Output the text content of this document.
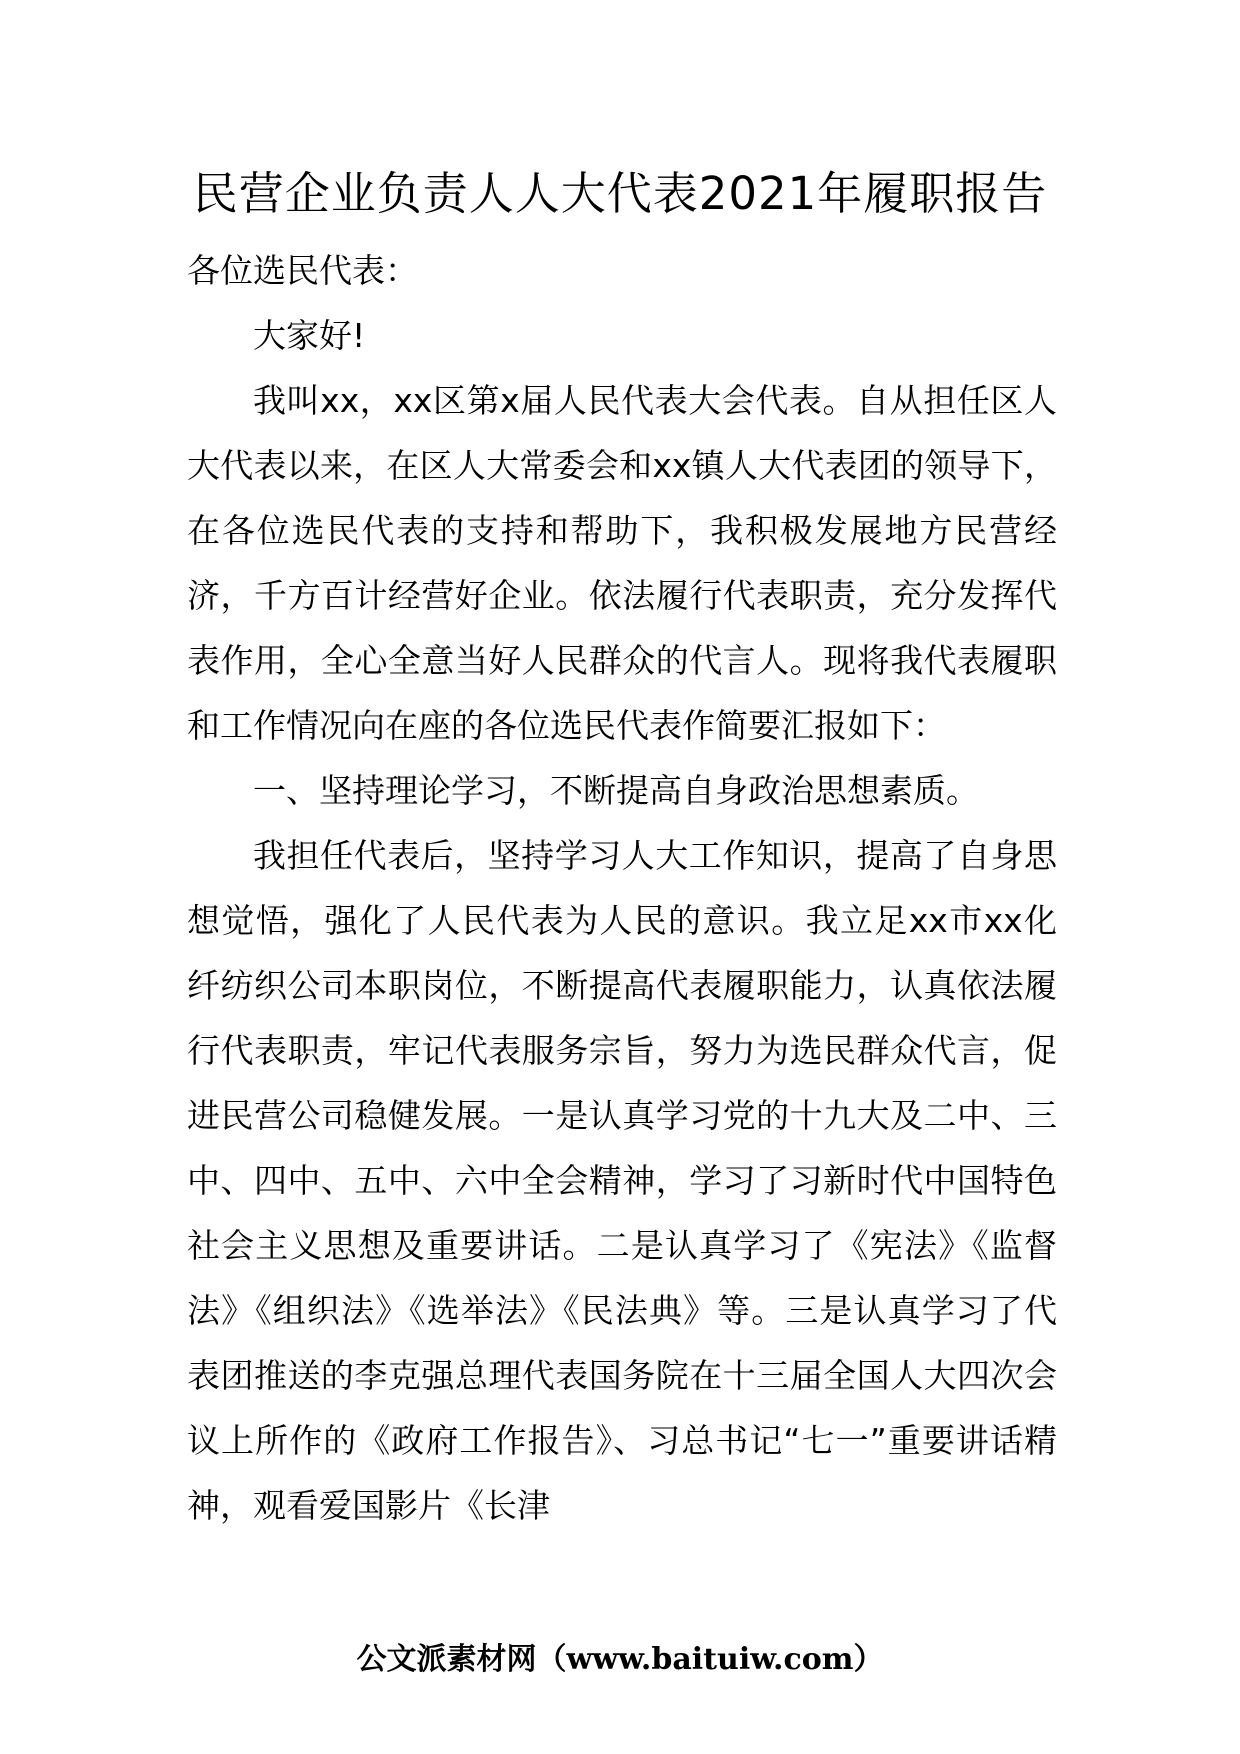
民营企业负责人人大代表2021年履职报告

各位选民代表：

大家好!

我叫xx，xx区第x届人民代表大会代表。自从担任区人大代表以来，在区人大常委会和xx镇人大代表团的领导下，在各位选民代表的支持和帮助下，我积极发展地方民营经济，千方百计经营好企业。依法履行代表职责，充分发挥代表作用，全心全意当好人民群众的代言人。现将我代表履职和工作情况向在座的各位选民代表作简要汇报如下：

一、坚持理论学习，不断提高自身政治思想素质。

我担任代表后，坚持学习人大工作知识，提高了自身思想觉悟，强化了人民代表为人民的意识。我立足xx市xx化纤纺织公司本职岗位，不断提高代表履职能力，认真依法履行代表职责，牢记代表服务宗旨，努力为选民群众代言，促进民营公司稳健发展。一是认真学习党的十九大及二中、三中、四中、五中、六中全会精神，学习了习新时代中国特色社会主义思想及重要讲话。二是认真学习了《宪法》《监督法》《组织法》《选举法》《民法典》等。三是认真学习了代表团推送的李克强总理代表国务院在十三届全国人大四次会议上所作的《政府工作报告》、习总书记“七一”重要讲话精神，观看爱国影片《长津

公文派素材网（www.baituiw.com）
